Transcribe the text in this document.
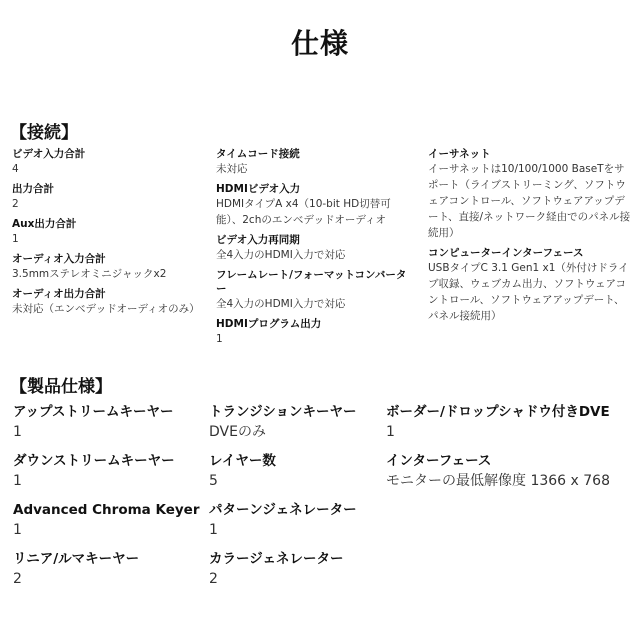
仕様
【接続】
ビデオ入力合計
4
出力合計
2
Aux出力合計
1
オーディオ入力合計
3.5mmステレオミニジャックx2
オーディオ出力合計
未対応（エンベデッドオーディオのみ）
タイムコード接続
未対応
HDMIビデオ入力
HDMIタイプA x4（10-bit HD切替可能）、2chのエンベデッドオーディオ
ビデオ入力再同期
全4入力のHDMI入力で対応
フレームレート/フォーマットコンバーター
全4入力のHDMI入力で対応
HDMIプログラム出力
1
イーサネット
イーサネットは10/100/1000 BaseTをサポート（ライブストリーミング、ソフトウェアコントロール、ソフトウェアアップデート、直接/ネットワーク経由でのパネル接続用）
コンピューターインターフェース
USBタイプC 3.1 Gen1 x1（外付けドライブ収録、ウェブカム出力、ソフトウェアコントロール、ソフトウェアアップデート、パネル接続用）
【製品仕様】
アップストリームキーヤー
1
ダウンストリームキーヤー
1
Advanced Chroma Keyer
1
リニア/ルマキーヤー
2
トランジションキーヤー
DVEのみ
レイヤー数
5
パターンジェネレーター
1
カラージェネレーター
2
ボーダー/ドロップシャドウ付きDVE
1
インターフェース
モニターの最低解像度 1366 x 768
